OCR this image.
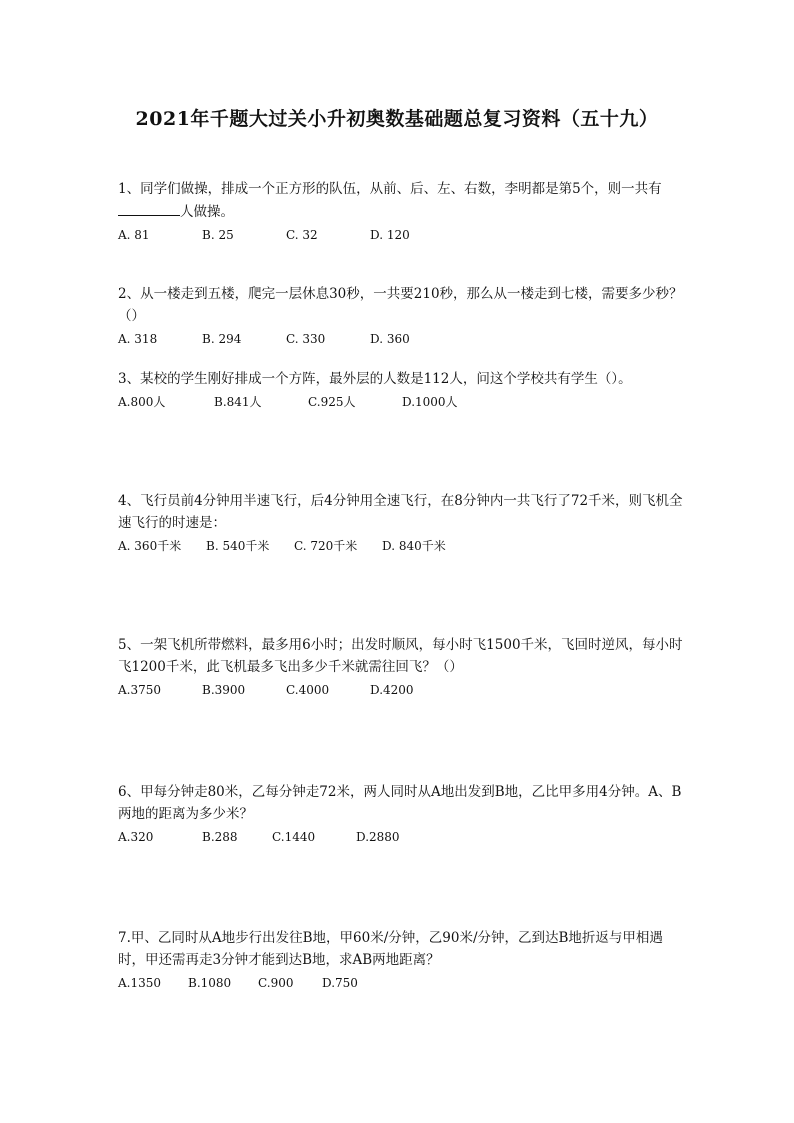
2021年千题大过关小升初奥数基础题总复习资料（五十九）

1、同学们做操，排成一个正方形的队伍，从前、后、左、右数，李明都是第5个，则一共有人做操。

A. 81	B. 25	C. 32	D. 120

2、从一楼走到五楼，爬完一层休息30秒，一共要210秒，那么从一楼走到七楼，需要多少秒？（）

A. 318	B. 294	C. 330	D. 360

3、某校的学生刚好排成一个方阵，最外层的人数是112人，问这个学校共有学生（）。

A.800人	B.841人	C.925人	D.1000人

4、飞行员前4分钟用半速飞行，后4分钟用全速飞行，在8分钟内一共飞行了72千米，则飞机全速飞行的时速是：

A. 360千米	B. 540千米	C. 720千米	D. 840千米

5、一架飞机所带燃料，最多用6小时；出发时顺风，每小时飞1500千米，飞回时逆风，每小时飞1200千米，此飞机最多飞出多少千米就需往回飞？（）

A.3750	B.3900	C.4000	D.4200

6、甲每分钟走80米，乙每分钟走72米，两人同时从A地出发到B地，乙比甲多用4分钟。A、B两地的距离为多少米？

A.320	B.288	C.1440	D.2880

7.甲、乙同时从A地步行出发往B地，甲60米/分钟，乙90米/分钟，乙到达B地折返与甲相遇时，甲还需再走3分钟才能到达B地，求AB两地距离？

A.1350	B.1080	C.900	D.750
